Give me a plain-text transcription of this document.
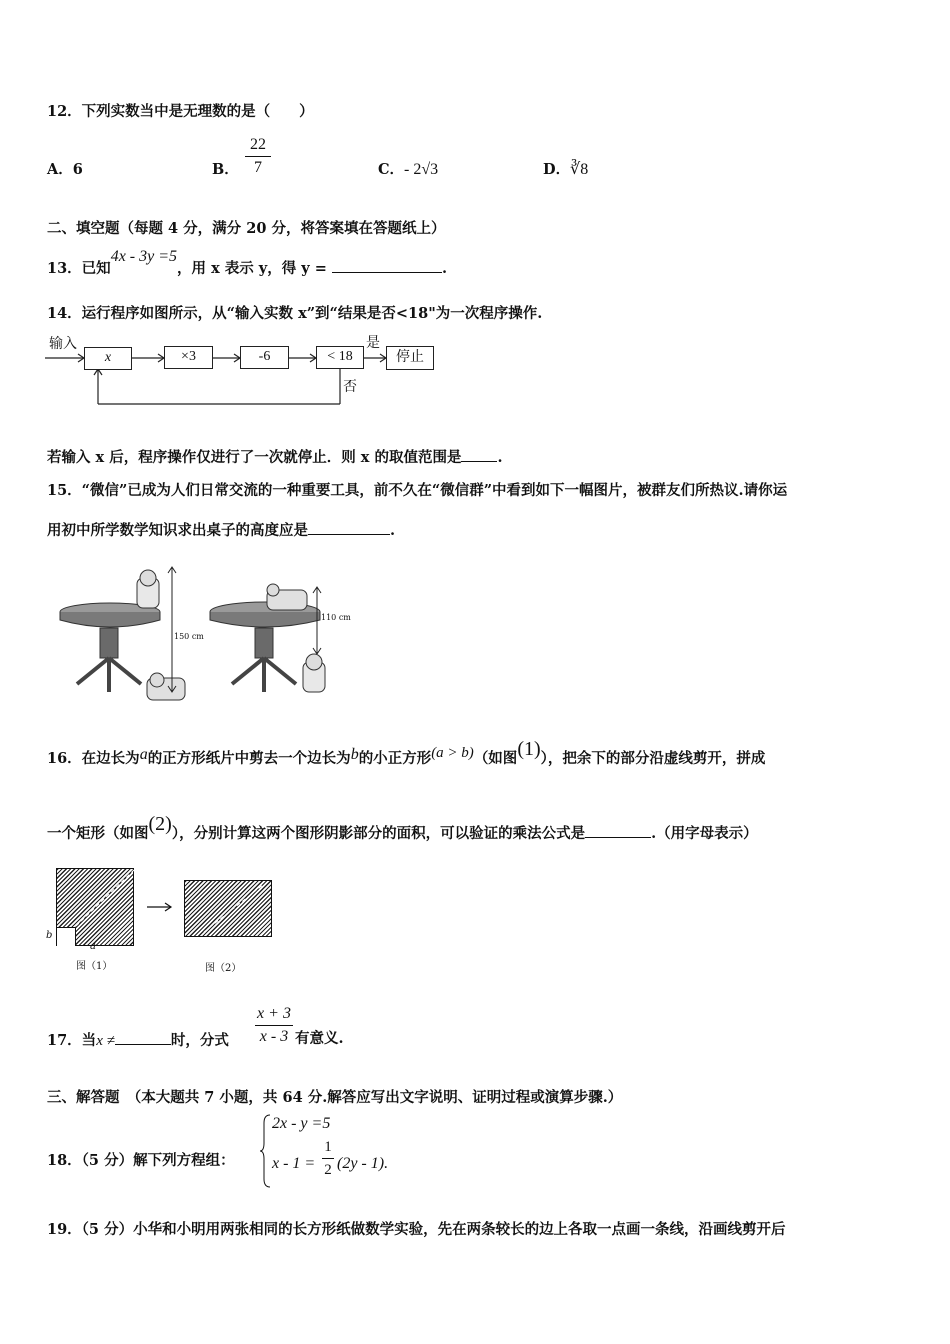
12．下列实数当中是无理数的是（　　）
A．6	B．
22
7	C．- 2√3	D．∛8
二、填空题（每题 4 分，满分 20 分，将答案填在答题纸上）
13．已知4x - 3y =5，用 x 表示 y，得 y =	.
14．运行程序如图所示，从“输入实数 x”到“结果是否<18"为一次程序操作.
输入
x	×3	-6	< 18
是
停止
否
若输入 x 后，程序操作仅进行了一次就停止．则 x 的取值范围是 .
15．“微信”已成为人们日常交流的一种重要工具，前不久在“微信群”中看到如下一幅图片，被群友们所热议.请你运
用初中所学数学知识求出桌子的高度应是	.
150 cm
110 cm
16．在边长为a的正方形纸片中剪去一个边长为b的小正方形(a > b)（如图(1)），把余下的部分沿虚线剪开，拼成
一个矩形（如图(2)），分别计算这两个图形阴影部分的面积，可以验证的乘法公式是	.（用字母表示）
b
a
图（1）	图（2）
17．当x ≠	时，分式
x + 3
x - 3 有意义.
三、解答题　（本大题共 7 小题，共 64 分.解答应写出文字说明、证明过程或演算步骤.）
18．（5 分）解下列方程组：
2x - y =5
x - 1 =
1
2 (2y - 1).
19．（5 分）小华和小明用两张相同的长方形纸做数学实验，先在两条较长的边上各取一点画一条线，沿画线剪开后
